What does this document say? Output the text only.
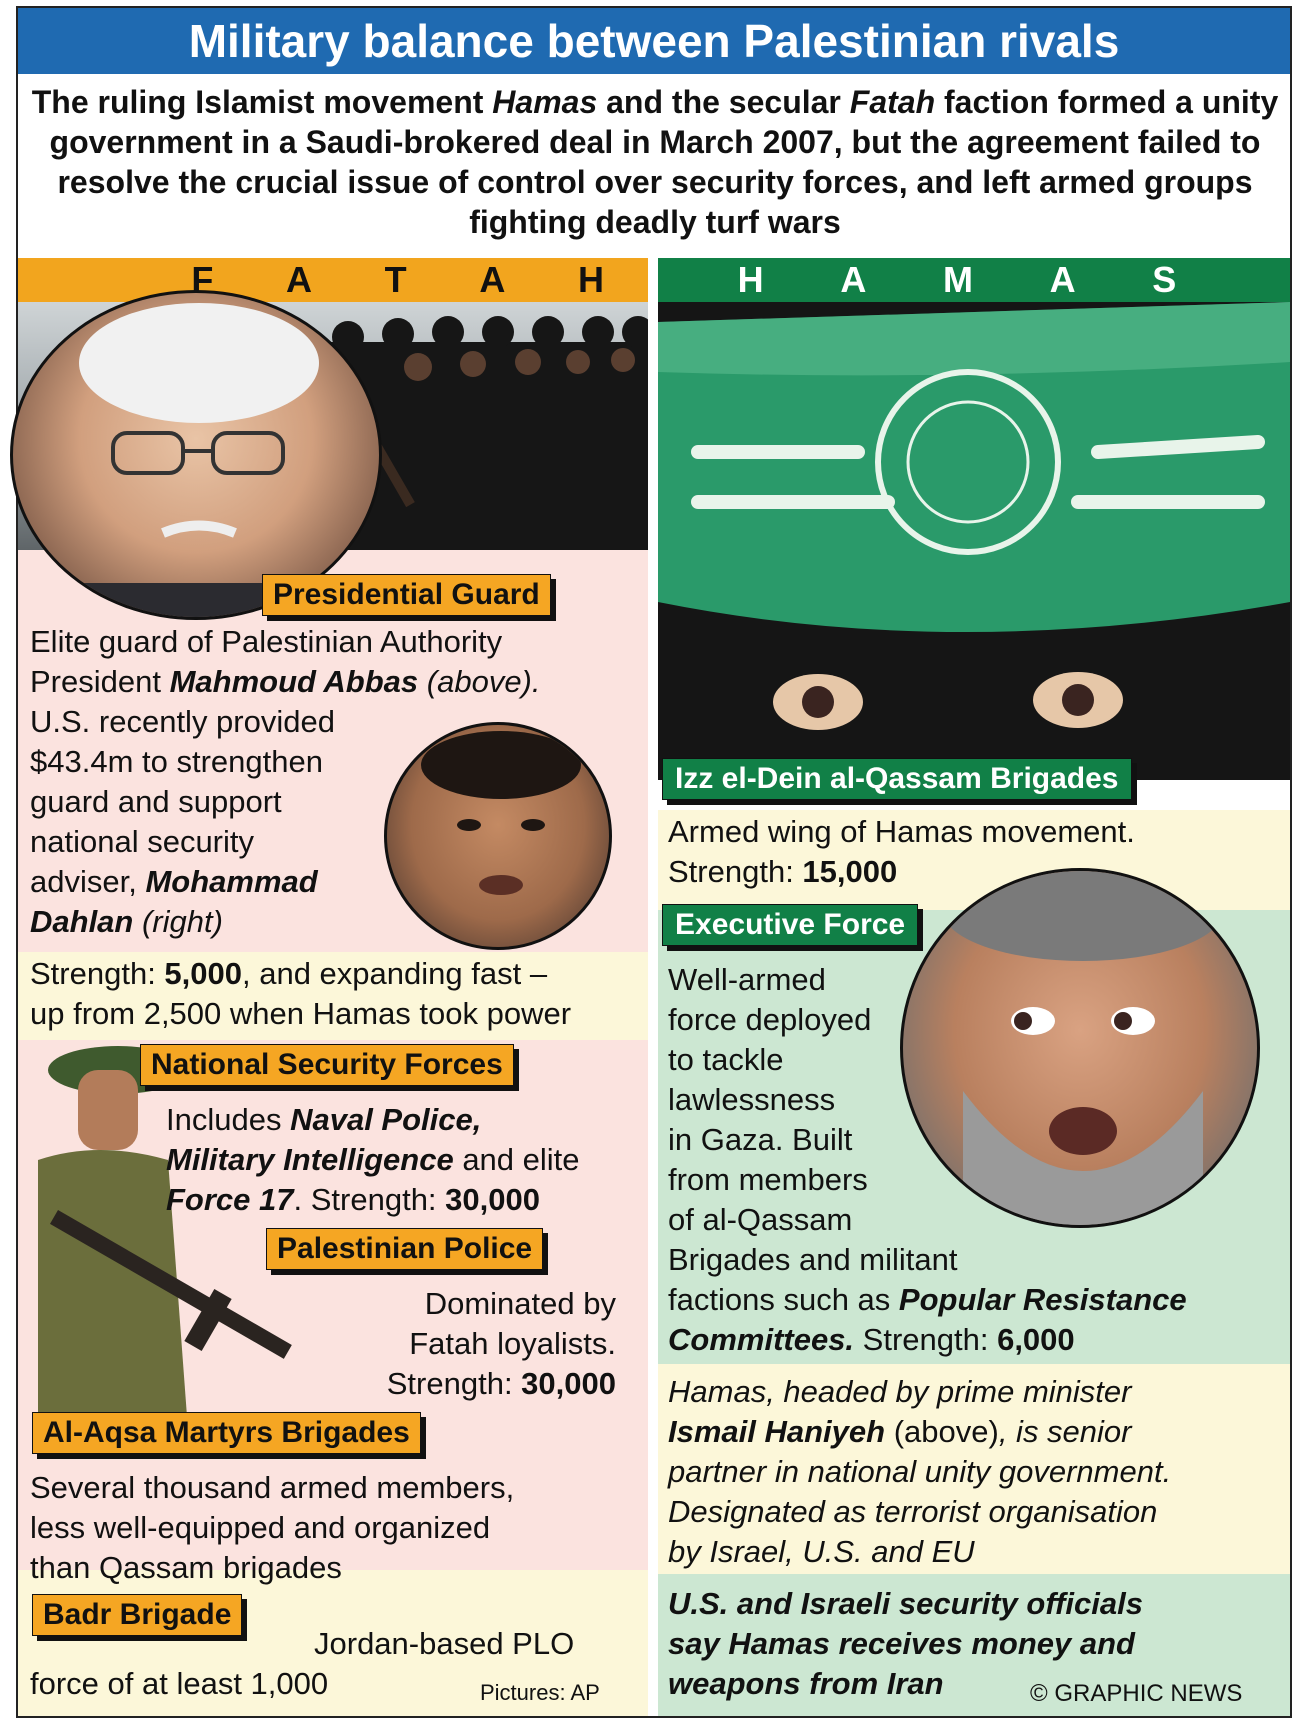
Military balance between Palestinian rivals
The ruling Islamist movement Hamas and the secular Fatah faction formed a unity government in a Saudi-brokered deal in March 2007, but the agreement failed to resolve the crucial issue of control over security forces, and left armed groups fighting deadly turf wars
F A T A H	H A M A S
Presidential Guard
Elite guard of Palestinian Authority
President Mahmoud Abbas (above).
U.S. recently provided
$43.4m to strengthen
guard and support
national security
adviser, Mohammad
Dahlan (right)
Strength: 5,000, and expanding fast –
up from 2,500 when Hamas took power
National Security Forces
Includes Naval Police,
Military Intelligence and elite
Force 17. Strength: 30,000
Palestinian Police
Dominated by
Fatah loyalists.
Strength: 30,000
Al-Aqsa Martyrs Brigades
Several thousand armed members,
less well-equipped and organized
than Qassam brigades
Badr Brigade
Jordan-based PLO
force of at least 1,000	Pictures: AP
Izz el-Dein al-Qassam Brigades
Armed wing of Hamas movement.
Strength: 15,000
Executive Force
Well-armed
force deployed
to tackle
lawlessness
in Gaza. Built
from members
of al-Qassam
Brigades and militant
factions such as Popular Resistance
Committees. Strength: 6,000
Hamas, headed by prime minister
Ismail Haniyeh (above), is senior
partner in national unity government.
Designated as terrorist organisation
by Israel, U.S. and EU
U.S. and Israeli security officials
say Hamas receives money and
weapons from Iran	© GRAPHIC NEWS
